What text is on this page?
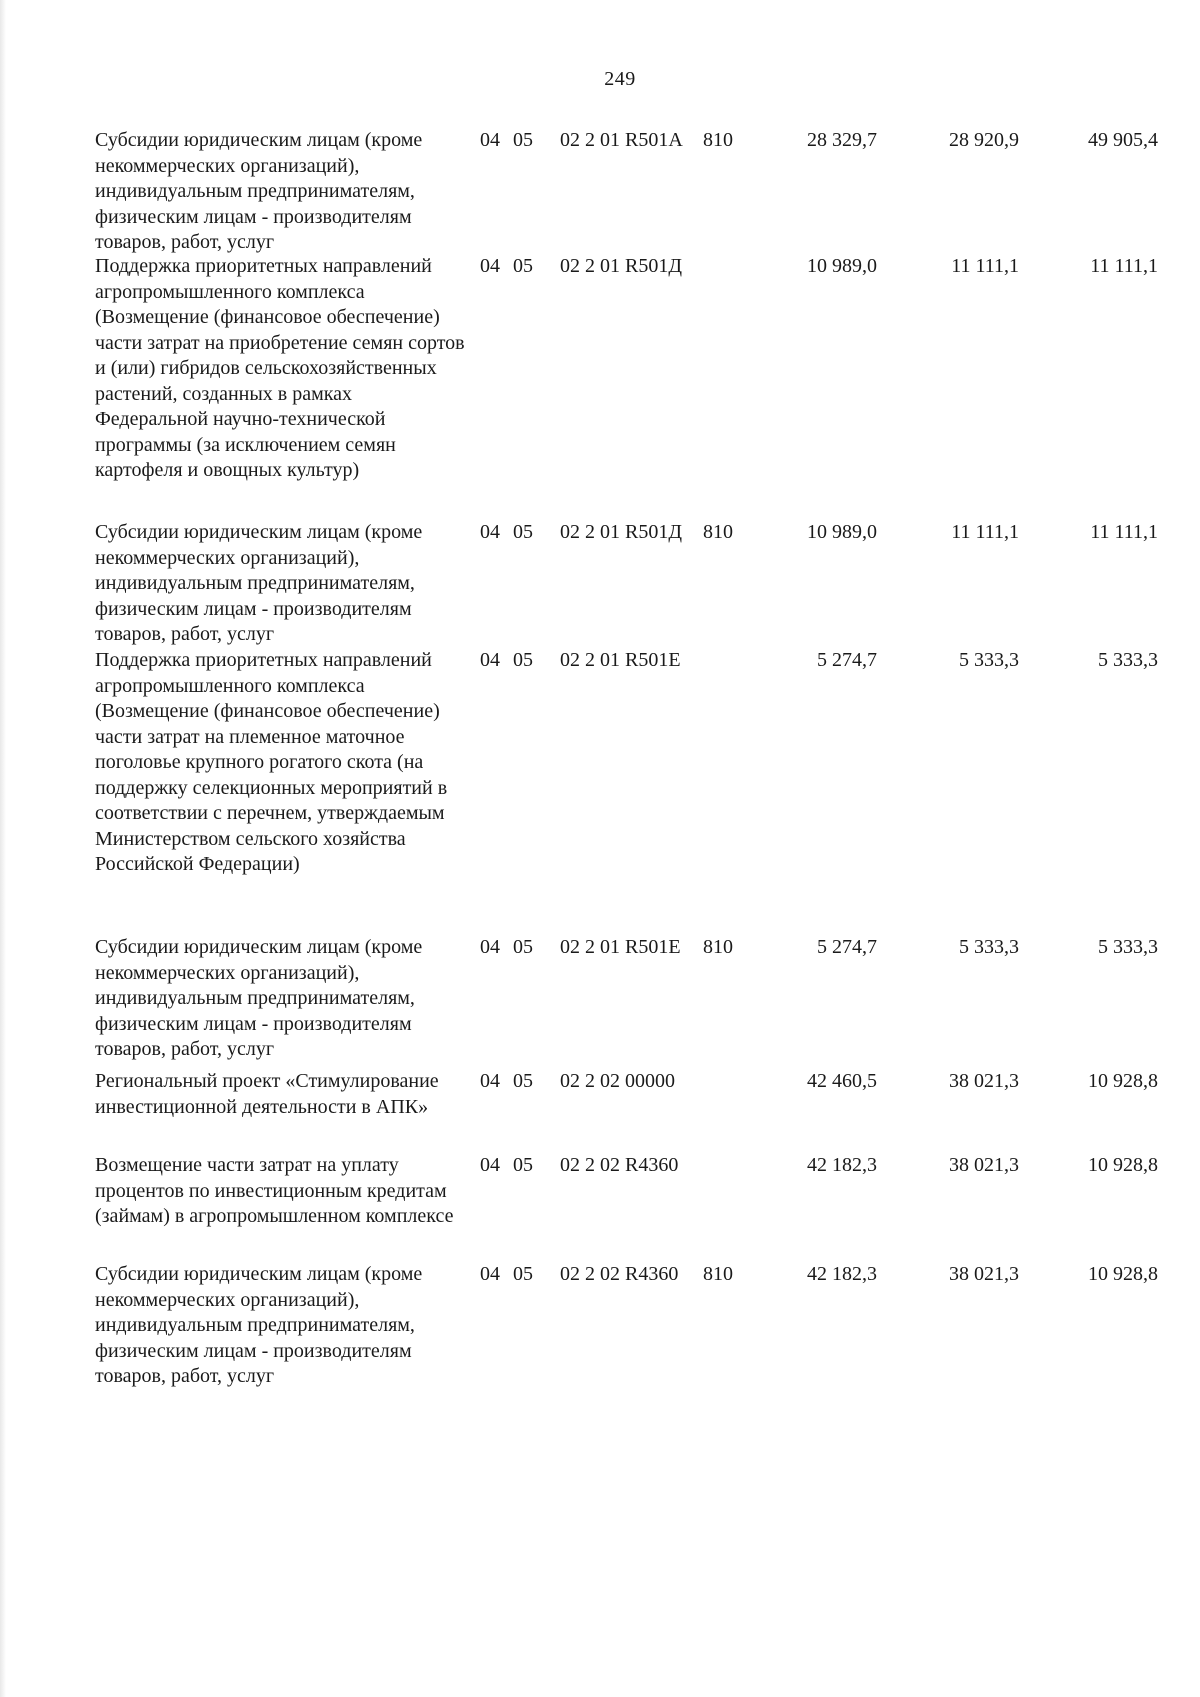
249
Субсидии юридическим лицам (кроме некоммерческих организаций), индивидуальным предпринимателям, физическим лицам - производителям товаров, работ, услуг
04 05 02 2 01 R501А 810	28 329,7	28 920,9	49 905,4
Поддержка приоритетных направлений агропромышленного комплекса (Возмещение (финансовое обеспечение) части затрат на приобретение семян сортов и (или) гибридов сельскохозяйственных растений, созданных в рамках Федеральной научно-технической программы (за исключением семян картофеля и овощных культур)
04 05 02 2 01 R501Д	10 989,0	11 111,1	11 111,1
Субсидии юридическим лицам (кроме некоммерческих организаций), индивидуальным предпринимателям, физическим лицам - производителям товаров, работ, услуг
04 05 02 2 01 R501Д 810	10 989,0	11 111,1	11 111,1
Поддержка приоритетных направлений агропромышленного комплекса (Возмещение (финансовое обеспечение) части затрат на племенное маточное поголовье крупного рогатого скота (на поддержку селекционных мероприятий в соответствии с перечнем, утверждаемым Министерством сельского хозяйства Российской Федерации)
04 05 02 2 01 R501Е	5 274,7	5 333,3	5 333,3
Субсидии юридическим лицам (кроме некоммерческих организаций), индивидуальным предпринимателям, физическим лицам - производителям товаров, работ, услуг
04 05 02 2 01 R501Е 810	5 274,7	5 333,3	5 333,3
Региональный проект «Стимулирование инвестиционной деятельности в АПК»
04 05 02 2 02 00000	42 460,5	38 021,3	10 928,8
Возмещение части затрат на уплату процентов по инвестиционным кредитам (займам) в агропромышленном комплексе
04 05 02 2 02 R4360	42 182,3	38 021,3	10 928,8
Субсидии юридическим лицам (кроме некоммерческих организаций), индивидуальным предпринимателям, физическим лицам - производителям товаров, работ, услуг
04 05 02 2 02 R4360 810	42 182,3	38 021,3	10 928,8
